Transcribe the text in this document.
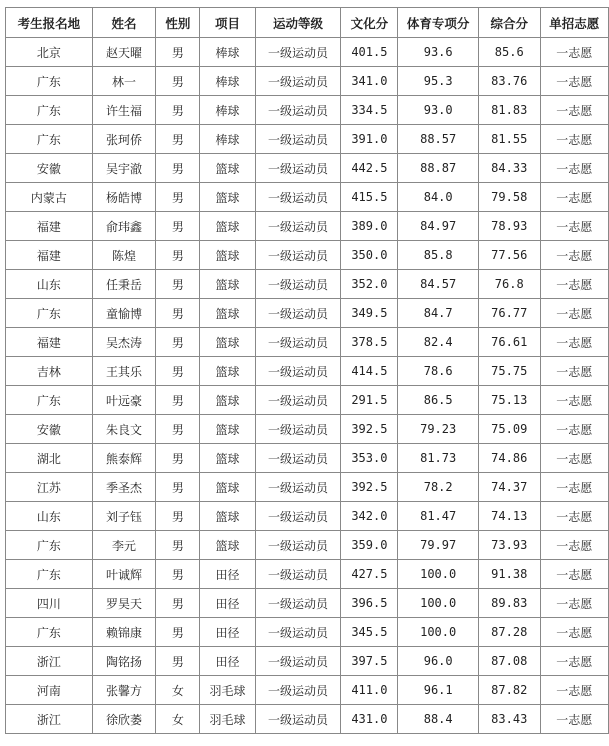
考生报名地	姓名	性别	项目	运动等级	文化分	体育专项分	综合分	单招志愿
北京	赵天曜	男	棒球	一级运动员	401.5	93.6	85.6	一志愿
广东	林一	男	棒球	一级运动员	341.0	95.3	83.76	一志愿
广东	许生福	男	棒球	一级运动员	334.5	93.0	81.83	一志愿
广东	张珂侨	男	棒球	一级运动员	391.0	88.57	81.55	一志愿
安徽	吴宇澈	男	篮球	一级运动员	442.5	88.87	84.33	一志愿
内蒙古	杨皓博	男	篮球	一级运动员	415.5	84.0	79.58	一志愿
福建	俞玮鑫	男	篮球	一级运动员	389.0	84.97	78.93	一志愿
福建	陈煌	男	篮球	一级运动员	350.0	85.8	77.56	一志愿
山东	任秉岳	男	篮球	一级运动员	352.0	84.57	76.8	一志愿
广东	童愉博	男	篮球	一级运动员	349.5	84.7	76.77	一志愿
福建	吴杰涛	男	篮球	一级运动员	378.5	82.4	76.61	一志愿
吉林	王其乐	男	篮球	一级运动员	414.5	78.6	75.75	一志愿
广东	叶远豪	男	篮球	一级运动员	291.5	86.5	75.13	一志愿
安徽	朱良文	男	篮球	一级运动员	392.5	79.23	75.09	一志愿
湖北	熊泰辉	男	篮球	一级运动员	353.0	81.73	74.86	一志愿
江苏	季圣杰	男	篮球	一级运动员	392.5	78.2	74.37	一志愿
山东	刘子钰	男	篮球	一级运动员	342.0	81.47	74.13	一志愿
广东	李元	男	篮球	一级运动员	359.0	79.97	73.93	一志愿
广东	叶诚辉	男	田径	一级运动员	427.5	100.0	91.38	一志愿
四川	罗昊天	男	田径	一级运动员	396.5	100.0	89.83	一志愿
广东	赖锦康	男	田径	一级运动员	345.5	100.0	87.28	一志愿
浙江	陶铭扬	男	田径	一级运动员	397.5	96.0	87.08	一志愿
河南	张馨方	女	羽毛球	一级运动员	411.0	96.1	87.82	一志愿
浙江	徐欣萎	女	羽毛球	一级运动员	431.0	88.4	83.43	一志愿
